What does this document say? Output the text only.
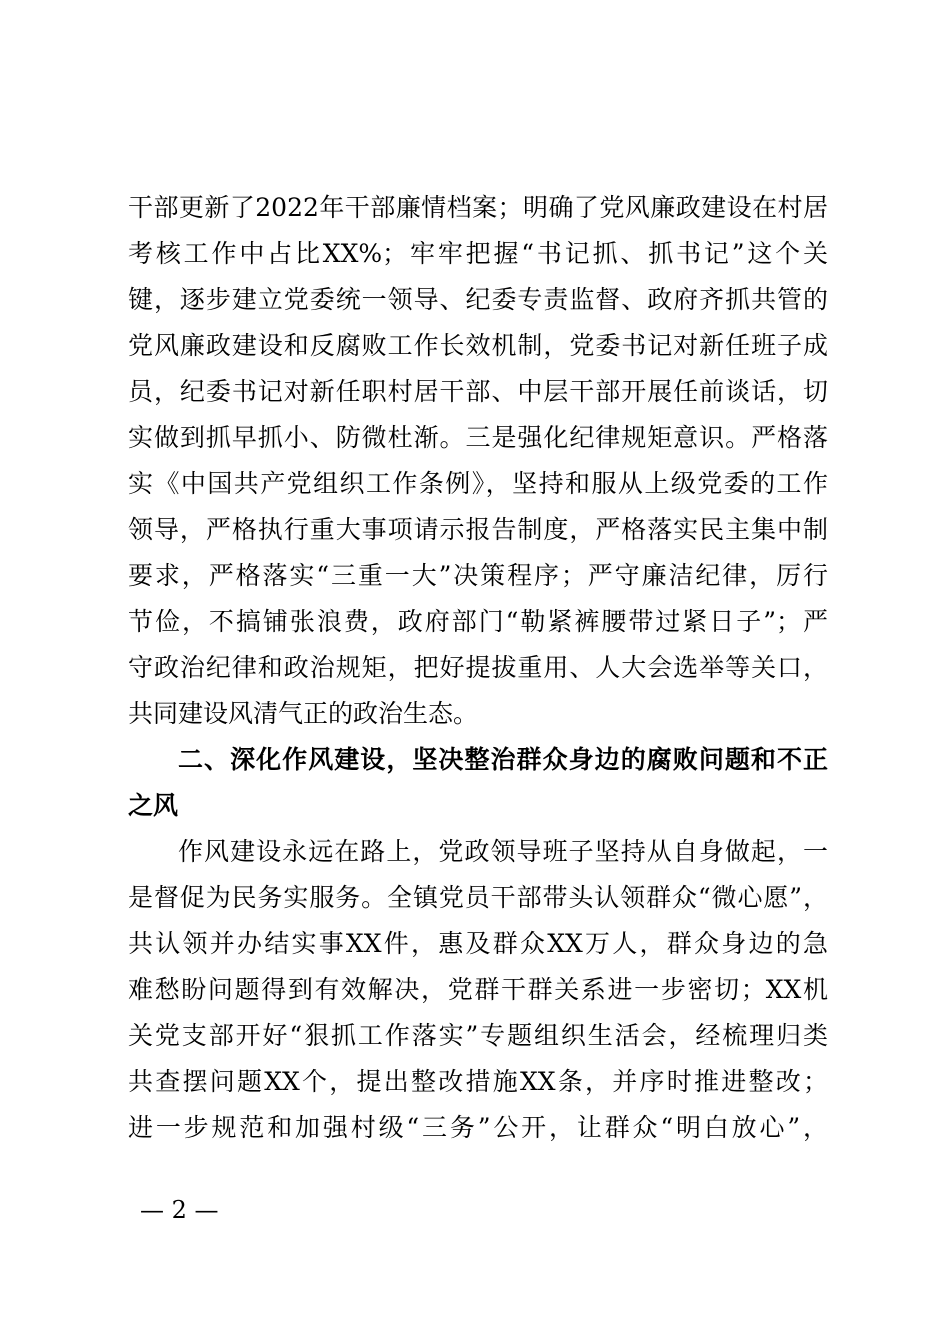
干部更新了2022年干部廉情档案；明确了党风廉政建设在村居
考核工作中占比XX%；牢牢把握“书记抓、抓书记”这个关
键，逐步建立党委统一领导、纪委专责监督、政府齐抓共管的
党风廉政建设和反腐败工作长效机制，党委书记对新任班子成
员，纪委书记对新任职村居干部、中层干部开展任前谈话，切
实做到抓早抓小、防微杜渐。三是强化纪律规矩意识。严格落
实《中国共产党组织工作条例》，坚持和服从上级党委的工作
领导，严格执行重大事项请示报告制度，严格落实民主集中制
要求，严格落实“三重一大”决策程序；严守廉洁纪律，厉行
节俭，不搞铺张浪费，政府部门“勒紧裤腰带过紧日子”；严
守政治纪律和政治规矩，把好提拔重用、人大会选举等关口，
共同建设风清气正的政治生态。
二、深化作风建设，坚决整治群众身边的腐败问题和不正
之风
作风建设永远在路上，党政领导班子坚持从自身做起，一
是督促为民务实服务。全镇党员干部带头认领群众“微心愿”，
共认领并办结实事XX件，惠及群众XX万人，群众身边的急
难愁盼问题得到有效解决，党群干群关系进一步密切；XX机
关党支部开好“狠抓工作落实”专题组织生活会，经梳理归类
共查摆问题XX个，提出整改措施XX条，并序时推进整改；
进一步规范和加强村级“三务”公开，让群众“明白放心”，
— 2 —
